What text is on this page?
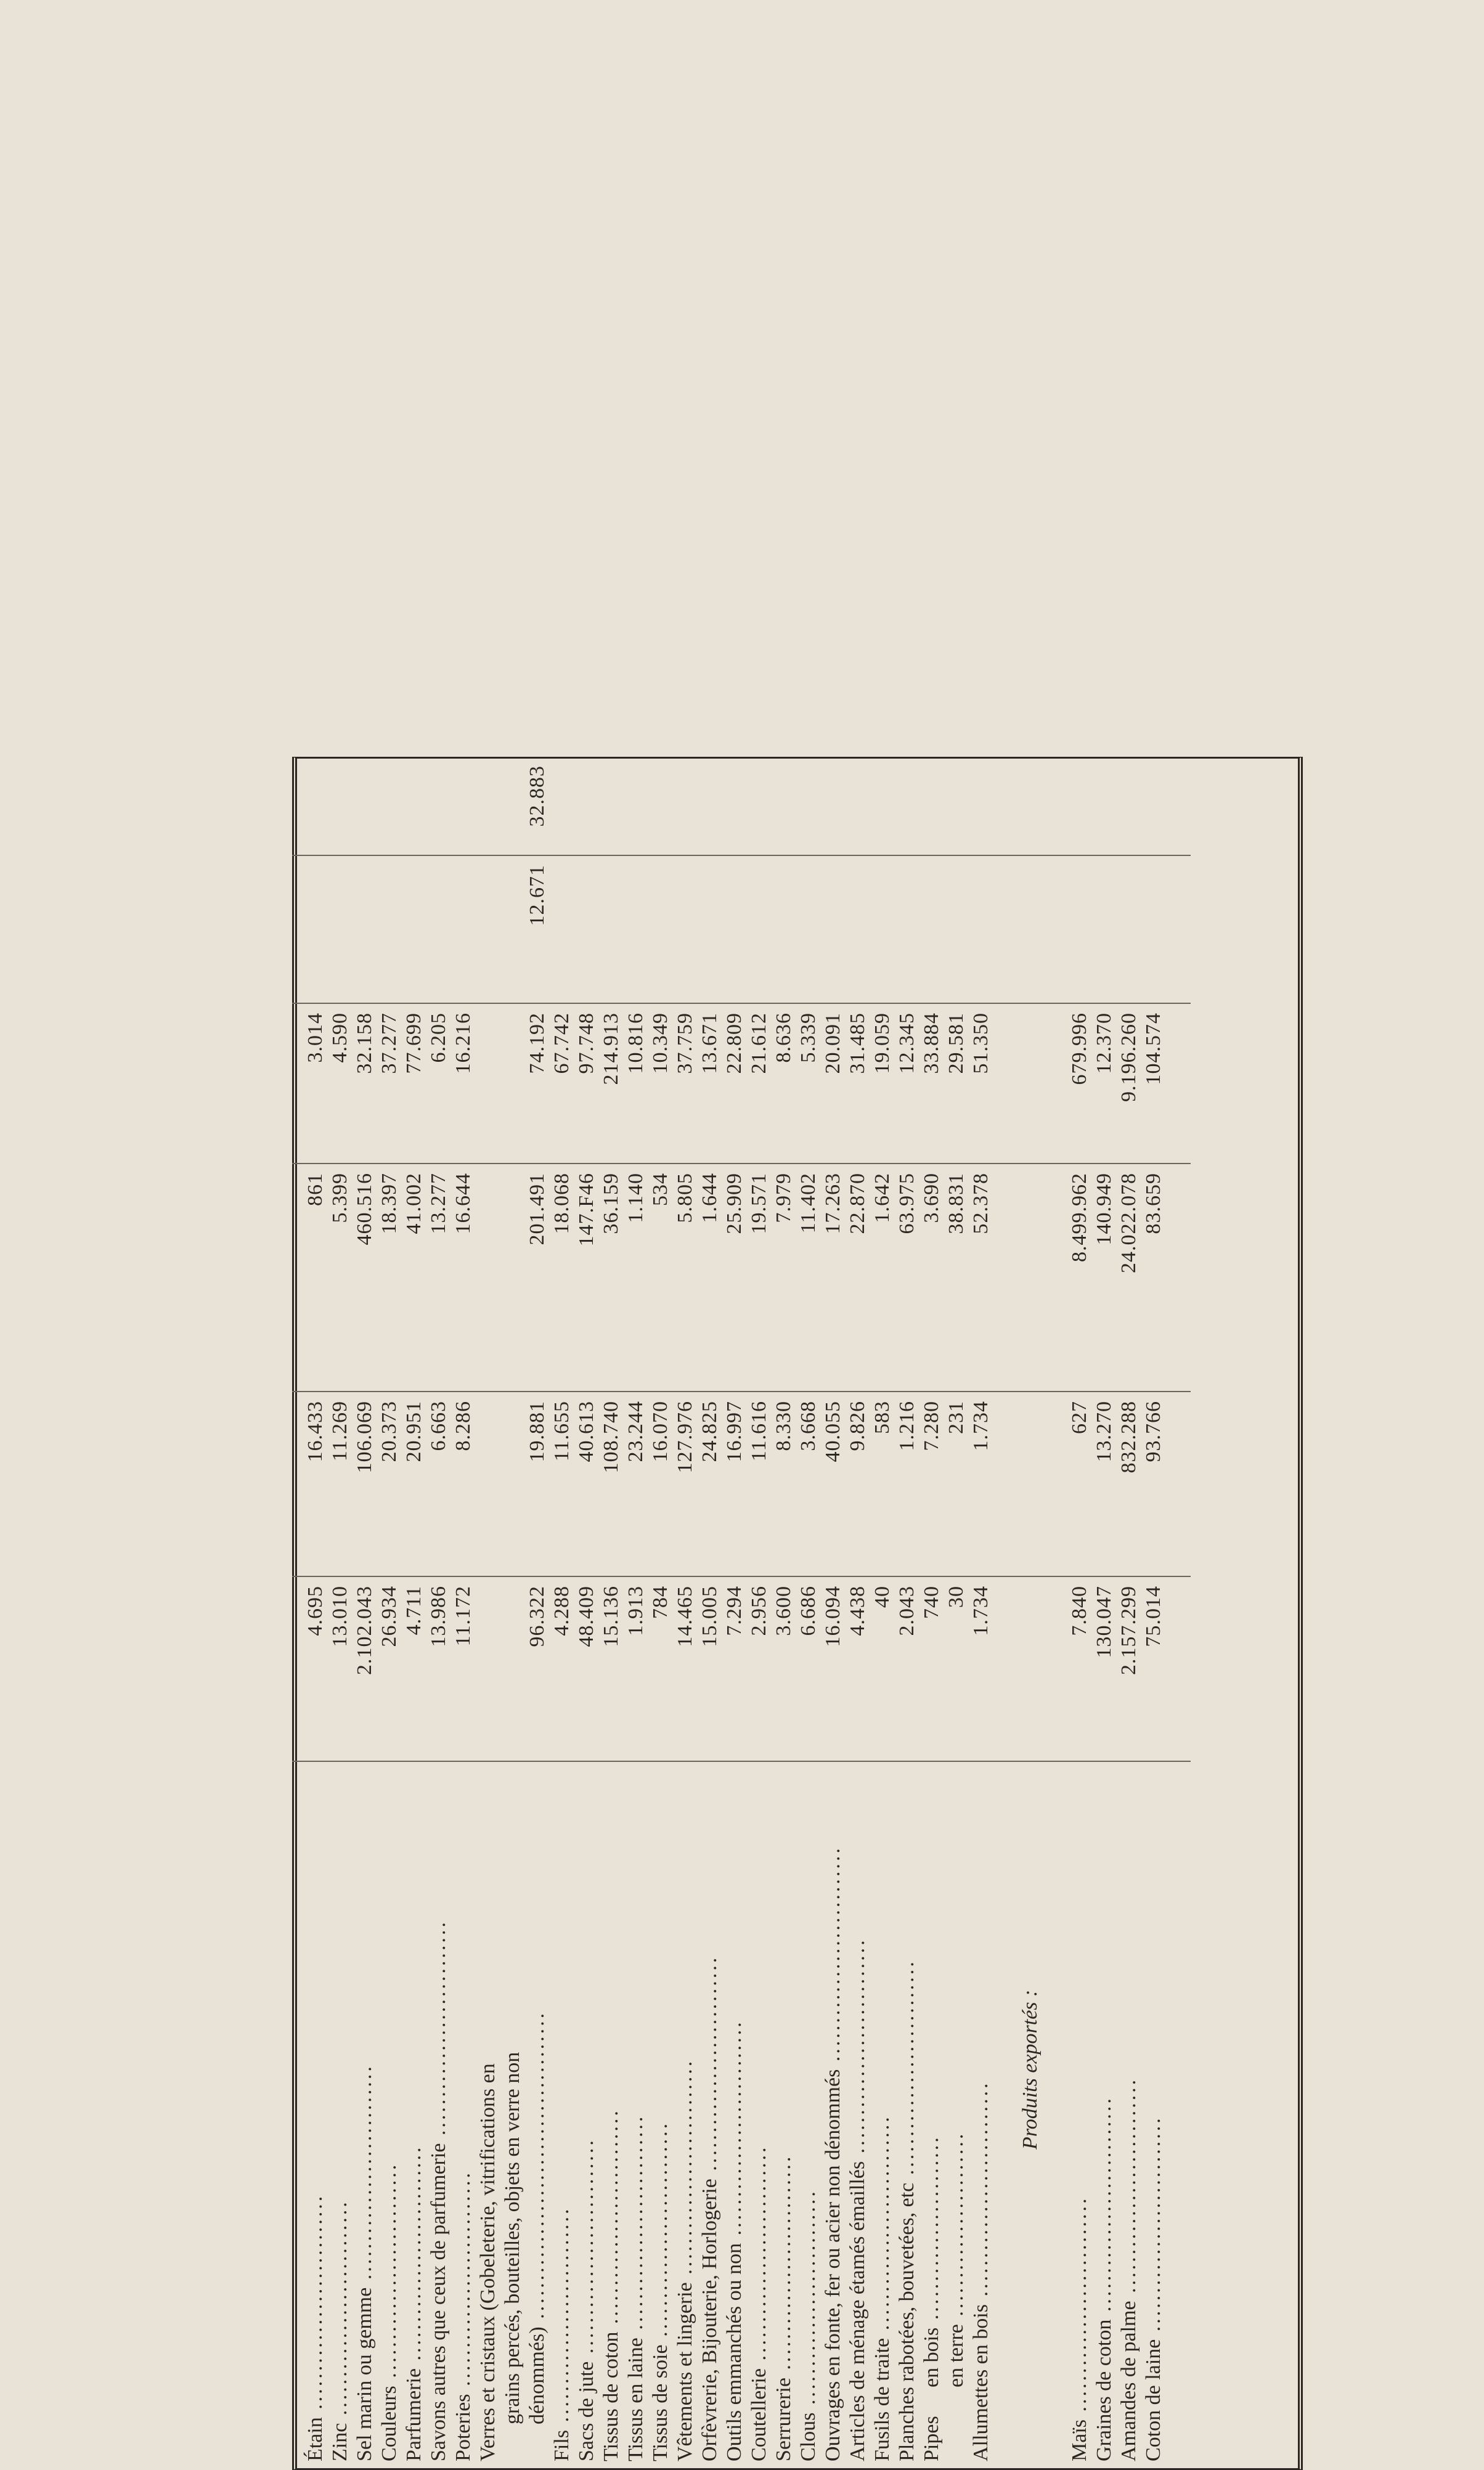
Étain ............................	4.695	16.433	861	3.014		
Zinc ............................	13.010	11.269	5.399	4.590		
Sel marin ou gemme ............................	2.102.043	106.069	460.516	32.158		
Couleurs ............................	26.934	20.373	18.397	37.277		
Parfumerie ............................	4.711	20.951	41.002	77.699		
Savons autres que ceux de parfumerie ............................	13.986	6.663	13.277	6.205		
Poteries ............................	11.172	8.286	16.644	16.216		

Verres et cristaux (Gobeleterie, vitrifications en grains percés, bouteilles, objets en verre non dénommés) ........................................	96.322	19.881	201.491	74.192	12.671	32.883
Fils ............................	4.288	11.655	18.068	67.742		
Sacs de jute ............................	48.409	40.613	147.F46	97.748		
Tissus de coton ............................	15.136	108.740	36.159	214.913		
Tissus en laine ............................	1.913	23.244	1.140	10.816		
Tissus de soie ............................	784	16.070	534	10.349		
Vêtements et lingerie ............................	14.465	127.976	5.805	37.759		
Orfèvrerie, Bijouterie, Horlogerie ............................	15.005	24.825	1.644	13.671		
Outils emmanchés ou non ............................	7.294	16.997	25.909	22.809		
Coutellerie ............................	2.956	11.616	19.571	21.612		
Serrurerie ............................	3.600	8.330	7.979	8.636		
Clous ............................	6.686	3.668	11.402	5.339		
Ouvrages en fonte, fer ou acier non dénommés ............................	16.094	40.055	17.263	20.091		
Articles de ménage étamés émaillés ............................	4.438	9.826	22.870	31.485		
Fusils de traite ............................	40	583	1.642	19.059		
Planches rabotées, bouvetées, etc ............................	2.043	1.216	63.975	12.345		
Pipesen bois ........................	740	7.280	3.690	33.884		
en terre ........................	30	231	38.831	29.581		
Allumettes en bois ............................	1.734	1.734	52.378	51.350		

Produits exportés :						

Maïs ............................	7.840	627	8.499.962	679.996		
Graines de coton ............................	130.047	13.270	140.949	12.370		
Amandes de palme ............................	2.157.299	832.288	24.022.078	9.196.260		
Coton de laine ............................	75.014	93.766	83.659	104.574		
